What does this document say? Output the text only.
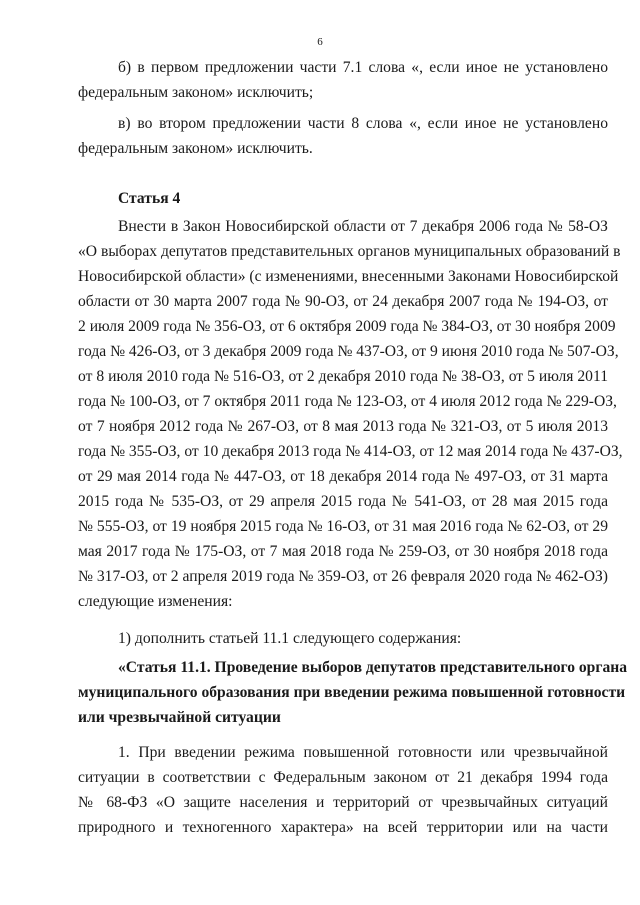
6
б) в первом предложении части 7.1 слова «, если иное не установлено
федеральным законом» исключить;
в) во втором предложении части 8 слова «, если иное не установлено
федеральным законом» исключить.
Статья 4
Внести в Закон Новосибирской области от 7 декабря 2006 года № 58-ОЗ
«О выборах депутатов представительных органов муниципальных образований в
Новосибирской области» (с изменениями, внесенными Законами Новосибирской
области от 30 марта 2007 года № 90-ОЗ, от 24 декабря 2007 года № 194-ОЗ, от
2 июля 2009 года № 356-ОЗ, от 6 октября 2009 года № 384-ОЗ, от 30 ноября 2009
года № 426-ОЗ, от 3 декабря 2009 года № 437-ОЗ, от 9 июня 2010 года № 507-ОЗ,
от 8 июля 2010 года № 516-ОЗ, от 2 декабря 2010 года № 38-ОЗ, от 5 июля 2011
года № 100-ОЗ, от 7 октября 2011 года № 123-ОЗ, от 4 июля 2012 года № 229-ОЗ,
от 7 ноября 2012 года № 267-ОЗ, от 8 мая 2013 года № 321-ОЗ, от 5 июля 2013
года № 355-ОЗ, от 10 декабря 2013 года № 414-ОЗ, от 12 мая 2014 года № 437-ОЗ,
от 29 мая 2014 года № 447-ОЗ, от 18 декабря 2014 года № 497-ОЗ, от 31 марта
2015 года № 535-ОЗ, от 29 апреля 2015 года № 541-ОЗ, от 28 мая 2015 года
№ 555-ОЗ, от 19 ноября 2015 года № 16-ОЗ, от 31 мая 2016 года № 62-ОЗ, от 29
мая 2017 года № 175-ОЗ, от 7 мая 2018 года № 259-ОЗ, от 30 ноября 2018 года
№ 317-ОЗ, от 2 апреля 2019 года № 359-ОЗ, от 26 февраля 2020 года № 462-ОЗ)
следующие изменения:
1) дополнить статьей 11.1 следующего содержания:
«Статья 11.1. Проведение выборов депутатов представительного органа
муниципального образования при введении режима повышенной готовности
или чрезвычайной ситуации
1. При введении режима повышенной готовности или чрезвычайной
ситуации в соответствии с Федеральным законом от 21 декабря 1994 года
№ 68-ФЗ «О защите населения и территорий от чрезвычайных ситуаций
природного и техногенного характера» на всей территории или на части
